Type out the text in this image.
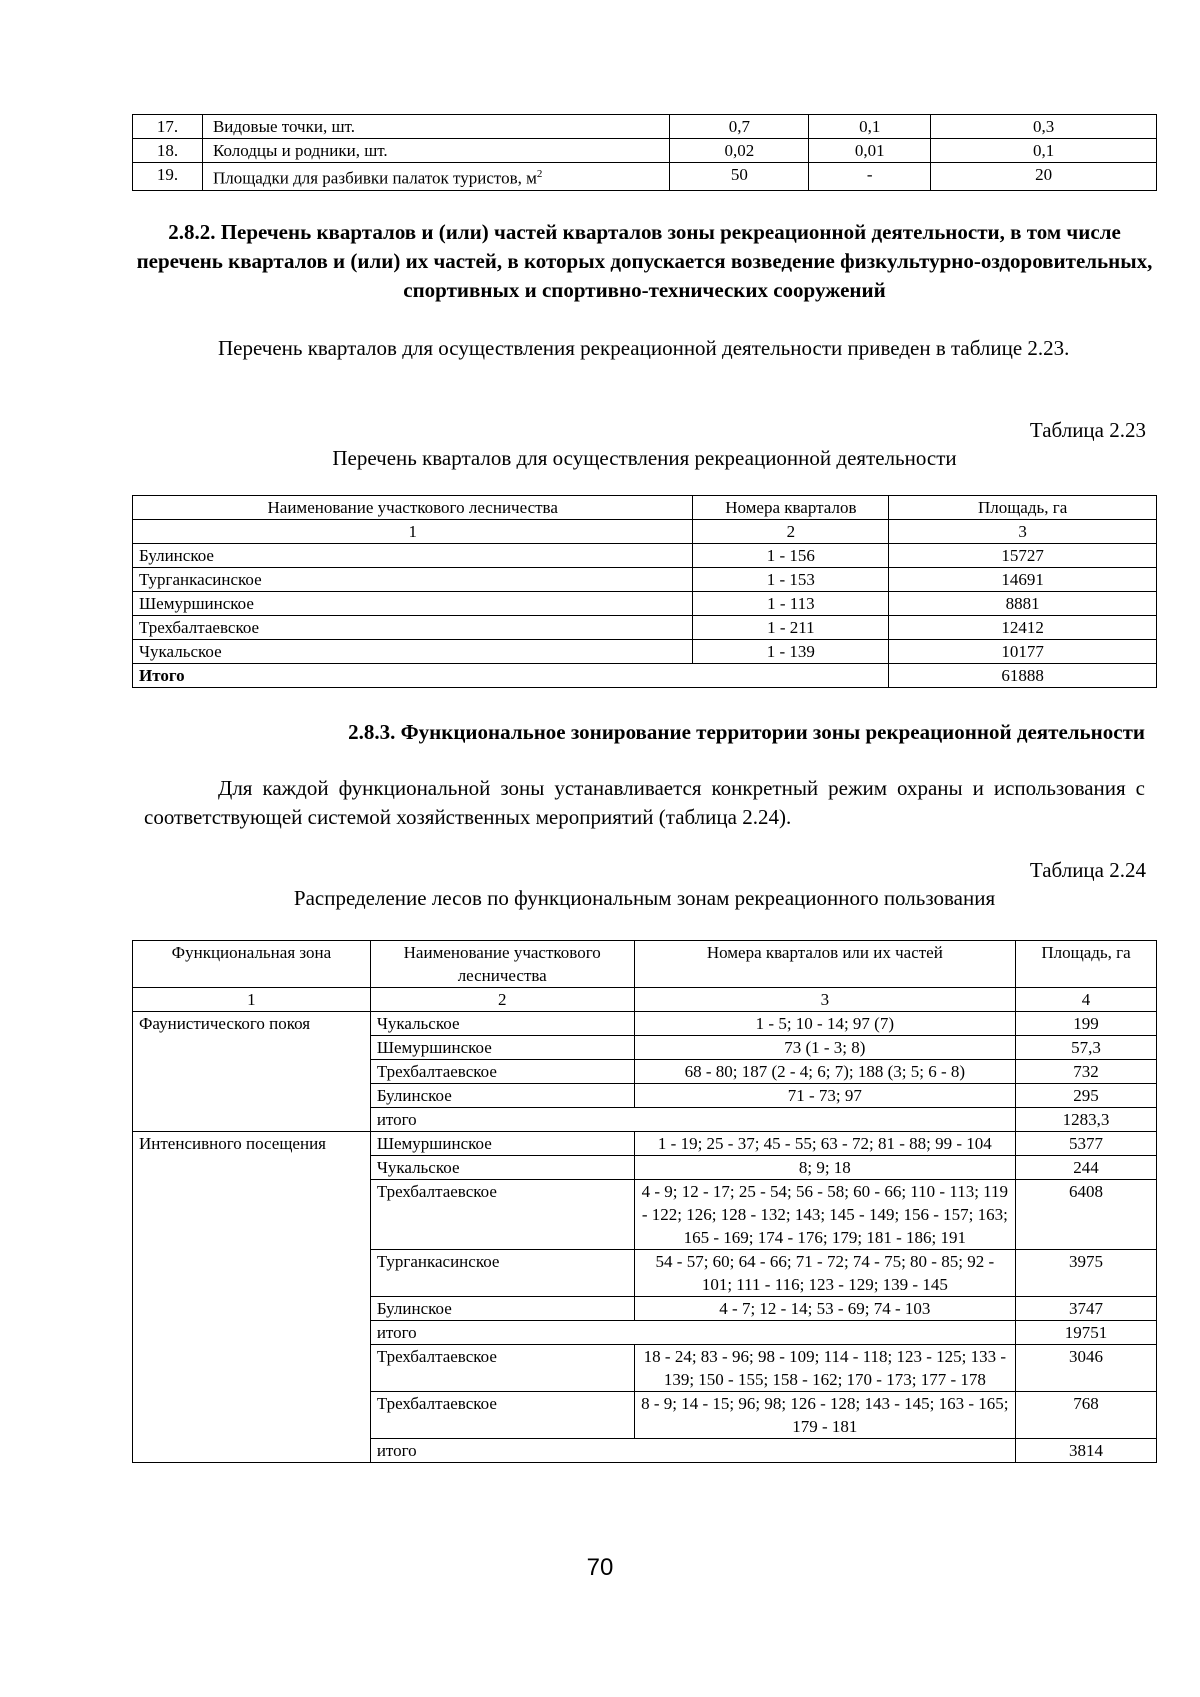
17.	Видовые точки, шт.	0,7	0,1	0,3
18.	Колодцы и родники, шт.	0,02	0,01	0,1
19.	Площадки для разбивки палаток туристов, $м^2$	50	-	20

2.8.2. Перечень кварталов и (или) частей кварталов зоны рекреационной деятельности, в том числе перечень кварталов и (или) их частей, в которых допускается возведение физкультурно-оздоровительных, спортивных и спортивно-технических сооружений

Перечень кварталов для осуществления рекреационной деятельности приведен в таблице 2.23.

Таблица 2.23

Перечень кварталов для осуществления рекреационной деятельности

Наименование участкового лесничества	Номера кварталов	Площадь, га
1	2	3
Булинское	1 - 156	15727
Турганкасинское	1 - 153	14691
Шемуршинское	1 - 113	8881
Трехбалтаевское	1 - 211	12412
Чукальское	1 - 139	10177
Итого		61888

2.8.3. Функциональное зонирование территории зоны рекреационной деятельности

Для каждой функциональной зоны устанавливается конкретный режим охраны и использования с соответствующей системой хозяйственных мероприятий (таблица 2.24).

Таблица 2.24

Распределение лесов по функциональным зонам рекреационного пользования

Функциональная зона	Наименование участкового лесничества	Номера кварталов или их частей	Площадь, га
1	2	3	4
Фаунистического покоя	Чукальское	1 - 5; 10 - 14; 97 (7)	199
	Шемуршинское	73 (1 - 3; 8)	57,3
	Трехбалтаевское	68 - 80; 187 (2 - 4; 6; 7); 188 (3; 5; 6 - 8)	732
	Булинское	71 - 73; 97	295
	итого		1283,3
Интенсивного посещения	Шемуршинское	1 - 19; 25 - 37; 45 - 55; 63 - 72; 81 - 88; 99 - 104	5377
	Чукальское	8; 9; 18	244
	Трехбалтаевское	4 - 9; 12 - 17; 25 - 54; 56 - 58; 60 - 66; 110 - 113; 119 - 122; 126; 128 - 132; 143; 145 - 149; 156 - 157; 163; 165 - 169; 174 - 176; 179; 181 - 186; 191	6408
	Турганкасинское	54 - 57; 60; 64 - 66; 71 - 72; 74 - 75; 80 - 85; 92 - 101; 111 - 116; 123 - 129; 139 - 145	3975
	Булинское	4 - 7; 12 - 14; 53 - 69; 74 - 103	3747
	итого		19751
	Трехбалтаевское	18 - 24; 83 - 96; 98 - 109; 114 - 118; 123 - 125; 133 - 139; 150 - 155; 158 - 162; 170 - 173; 177 - 178	3046
	Трехбалтаевское	8 - 9; 14 - 15; 96; 98; 126 - 128; 143 - 145; 163 - 165; 179 - 181	768
	итого		3814
70
